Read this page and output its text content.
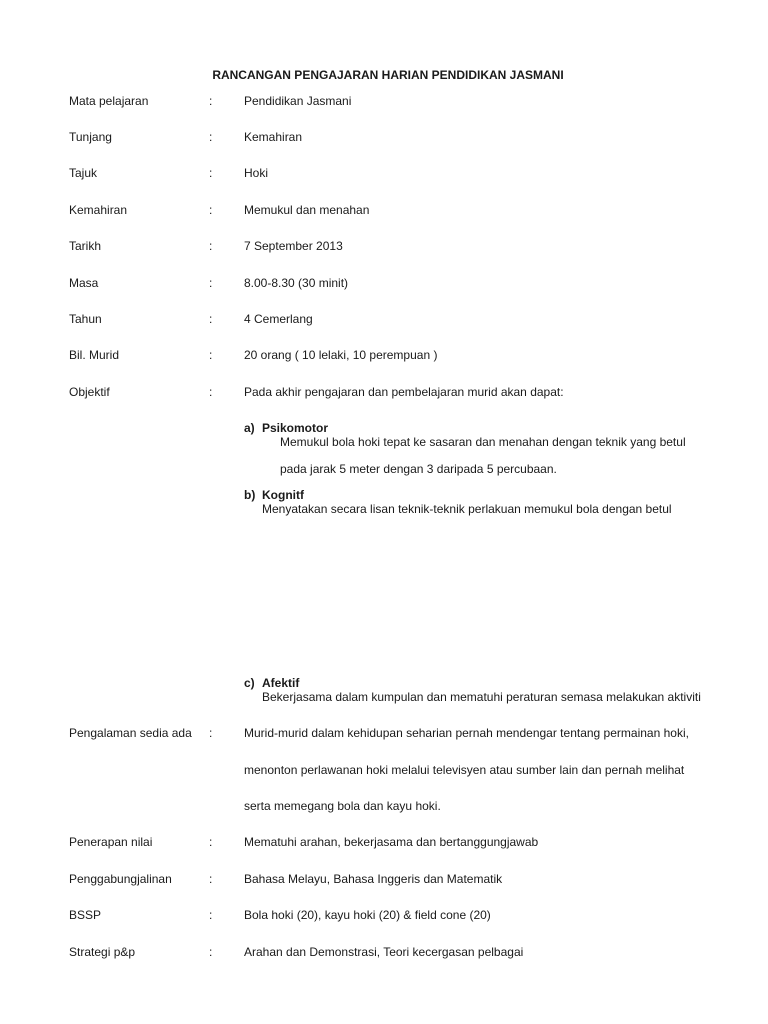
RANCANGAN PENGAJARAN HARIAN PENDIDIKAN JASMANI
Mata pelajaran	:	Pendidikan Jasmani
Tunjang	:	Kemahiran
Tajuk	:	Hoki
Kemahiran	:	Memukul dan menahan
Tarikh	:	7 September 2013
Masa	:	8.00-8.30 (30 minit)
Tahun	:	4 Cemerlang
Bil. Murid	:	20 orang ( 10 lelaki, 10 perempuan )
Objektif	:	Pada akhir pengajaran dan pembelajaran murid akan dapat:
a) Psikomotor
Memukul bola hoki tepat ke sasaran dan menahan dengan teknik yang betul
pada jarak 5 meter dengan 3 daripada 5 percubaan.
b) Kognitf
Menyatakan secara lisan teknik-teknik perlakuan memukul bola dengan betul
c) Afektif
Bekerjasama dalam kumpulan dan mematuhi peraturan semasa melakukan aktiviti
Pengalaman sedia ada :	Murid-murid dalam kehidupan seharian pernah mendengar tentang permainan hoki,
menonton perlawanan hoki melalui televisyen atau sumber lain dan pernah melihat
serta memegang bola dan kayu hoki.
Penerapan nilai	:	Mematuhi arahan, bekerjasama dan bertanggungjawab
Penggabungjalinan	:	Bahasa Melayu, Bahasa Inggeris dan Matematik
BSSP	:	Bola hoki (20), kayu hoki (20) & field cone (20)
Strategi p&p	:	Arahan dan Demonstrasi, Teori kecergasan pelbagai
